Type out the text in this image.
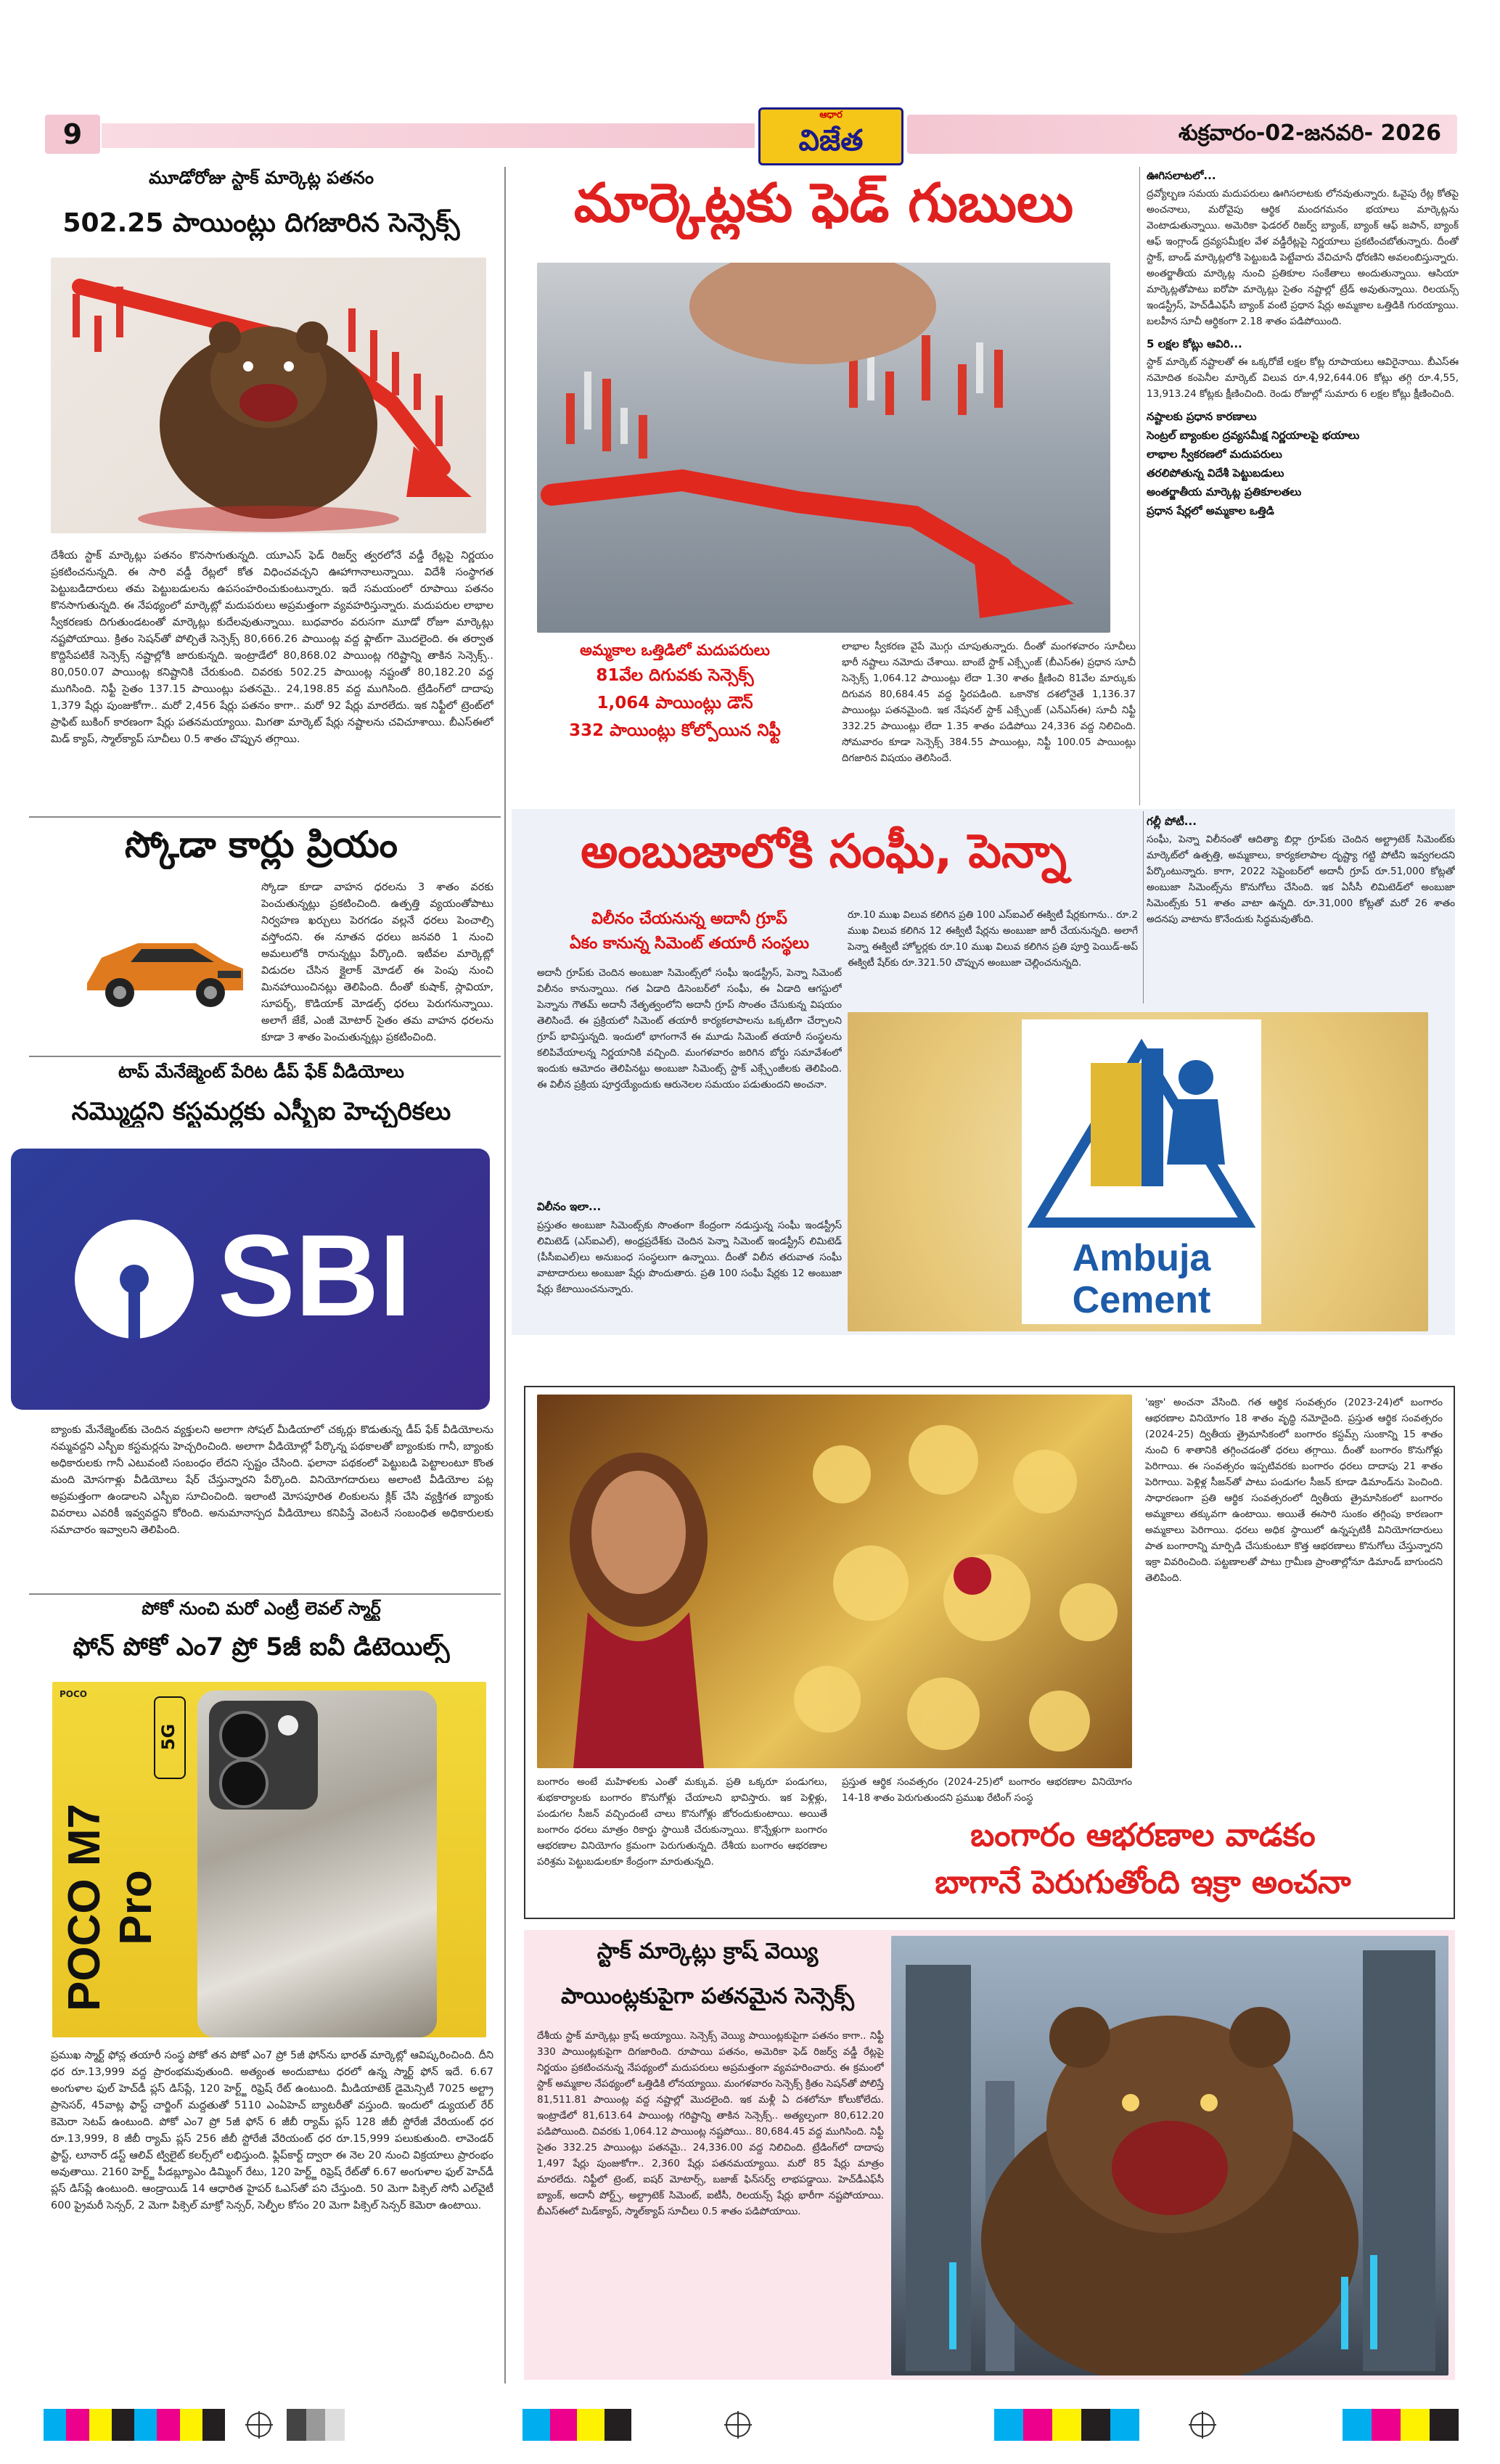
9
ఆధార
విజేత	శుక్రవారం-02-జనవరి- 2026
మూడోరోజు స్టాక్ మార్కెట్ల పతనం
502.25 పాయింట్లు దిగజారిన సెన్సెక్స్
దేశీయ స్టాక్ మార్కెట్లు పతనం కొనసాగుతున్నది. యూఎస్ ఫెడ్ రిజర్వ్ త్వరలోనే వడ్డీ రేట్లపై నిర్ణయం ప్రకటించనున్నది. ఈ సారి వడ్డీ రేట్లలో కోత విధించవచ్చని ఊహాగానాలున్నాయి. విదేశీ సంస్థాగత పెట్టుబడిదారులు తమ పెట్టుబడులను ఉపసంహరించుకుంటున్నారు. ఇదే సమయంలో రూపాయి పతనం కొనసాగుతున్నది. ఈ నేపథ్యంలో మార్కెట్లో మదుపరులు అప్రమత్తంగా వ్యవహరిస్తున్నారు. మదుపరుల లాభాల స్వీకరణకు దిగుతుండటంతో మార్కెట్లు కుదేలవుతున్నాయి. బుధవారం వరుసగా మూడో రోజూ మార్కెట్లు నష్టపోయాయి. క్రితం సెషన్‌తో పోల్చితే సెన్సెక్స్ 80,666.26 పాయింట్ల వద్ద ఫ్లాట్‌గా మొదలైంది. ఈ తర్వాత కొద్దిసేపటికే సెన్సెక్స్ నష్టాల్లోకి జారుకున్నది. ఇంట్రాడేలో 80,868.02 పాయింట్ల గరిష్టాన్ని తాకిన సెన్సెక్స్.. 80,050.07 పాయింట్ల కనిష్టానికి చేరుకుంది. చివరకు 502.25 పాయింట్ల నష్టంతో 80,182.20 వద్ద ముగిసింది. నిఫ్టీ సైతం 137.15 పాయింట్లు పతనమై.. 24,198.85 వద్ద ముగిసింది. ట్రేడింగ్‌లో దాదాపు 1,379 షేర్లు పుంజుకోగా.. మరో 2,456 షేర్లు పతనం కాగా.. మరో 92 షేర్లు మారలేదు. ఇక నిఫ్టీలో ట్రెంట్‌లో ప్రాఫిట్ బుకింగ్ కారణంగా షేర్లు పతనమయ్యాయి. మిగతా మార్కెట్ షేర్లు నష్టాలను చవిచూశాయి. బీఎస్‌ఈలో మిడ్ క్యాప్, స్మాల్‌క్యాప్ సూచీలు 0.5 శాతం చొప్పున తగ్గాయి.
స్కోడా కార్లు ప్రియం
స్కోడా కూడా వాహన ధరలను 3 శాతం వరకు పెంచుతున్నట్లు ప్రకటించింది. ఉత్పత్తి వ్యయంతోపాటు నిర్వహణ ఖర్చులు పెరగడం వల్లనే ధరలు పెంచాల్సి వస్తోందని. ఈ నూతన ధరలు జనవరి 1 నుంచి అమలులోకి రానున్నట్లు పేర్కొంది. ఇటీవల మార్కెట్లో విడుదల చేసిన క్లైలాక్ మోడల్ ఈ పెంపు నుంచి మినహాయించినట్లు తెలిపింది. దీంతో కుషాక్, స్లావియా, సూపర్బ్, కొడియాక్ మోడల్స్ ధరలు పెరుగనున్నాయి. అలాగే జేకే, ఎంజీ మోటార్ సైతం తమ వాహన ధరలను కూడా 3 శాతం పెంచుతున్నట్లు ప్రకటించింది.
టాప్ మేనేజ్మెంట్ పేరిట డీప్ ఫేక్ వీడియోలు
నమ్మొద్దని కస్టమర్లకు ఎస్బీఐ హెచ్చరికలు
SBI
బ్యాంకు మేనేజ్మెంట్‌కు చెందిన వ్యక్తులని అలాగా సోషల్ మీడియాలో చక్కర్లు కొడుతున్న డీప్ ఫేక్ వీడియోలను నమ్మవద్దని ఎస్బీఐ కస్టమర్లను హెచ్చరించింది. అలాగా వీడియోల్లో పేర్కొన్న పథకాలతో బ్యాంకుకు గానీ, బ్యాంకు అధికారులకు గానీ ఎటువంటి సంబంధం లేదని స్పష్టం చేసింది. ఫలానా పథకంలో పెట్టుబడి పెట్టాలంటూ కొంత మంది మోసగాళ్లు వీడియోలు షేర్ చేస్తున్నారని పేర్కొంది. వినియోగదారులు అలాంటి వీడియోల పట్ల అప్రమత్తంగా ఉండాలని ఎస్బీఐ సూచించింది. ఇలాంటి మోసపూరిత లింకులను క్లిక్ చేసి వ్యక్తిగత బ్యాంకు వివరాలు ఎవరికీ ఇవ్వవద్దని కోరింది. అనుమానాస్పద వీడియోలు కనిపిస్తే వెంటనే సంబంధిత అధికారులకు సమాచారం ఇవ్వాలని తెలిపింది.
పోకో నుంచి మరో ఎంట్రీ లెవల్ స్మార్ట్
ఫోన్ పోకో ఎం7 ప్రో 5జీ ఐవీ డిటెయిల్స్
POCO
POCO M7 Pro
5G
ప్రముఖ స్మార్ట్ ఫోన్ల తయారీ సంస్థ పోకో తన పోకో ఎం7 ప్రో 5జీ ఫోన్‌ను భారత్ మార్కెట్లో ఆవిష్కరించింది. దీని ధర రూ.13,999 వద్ద ప్రారంభమవుతుంది. అత్యంత అందుబాటు ధరలో ఉన్న స్మార్ట్ ఫోన్ ఇదే. 6.67 అంగుళాల ఫుల్ హెచ్‌డీ ప్లస్ డిస్‌ప్లే, 120 హెర్ట్జ్ రిఫ్రెష్ రేట్ ఉంటుంది. మీడియాటెక్ డైమెన్సిటీ 7025 అల్ట్రా ప్రాసెసర్, 45వాట్ల ఫాస్ట్ చార్జింగ్ మద్దతుతో 5110 ఎంఏహెచ్ బ్యాటరీతో వస్తుంది. ఇందులో డ్యుయల్ రేర్ కెమెరా సెటప్ ఉంటుంది. పోకో ఎం7 ప్రో 5జీ ఫోన్ 6 జీబీ ర్యామ్ ప్లస్ 128 జీబీ స్టోరేజీ వేరియంట్ ధర రూ.13,999, 8 జీబీ ర్యామ్ ప్లస్ 256 జీబీ స్టోరేజీ వేరియంట్ ధర రూ.15,999 పలుకుతుంది. లావెండర్ ఫ్రాస్ట్, లూనార్ డస్ట్ ఆలివ్ ట్విలైట్ కలర్స్‌లో లభిస్తుంది. ఫ్లిప్‌కార్ట్ ద్వారా ఈ నెల 20 నుంచి విక్రయాలు ప్రారంభం అవుతాయి. 2160 హెర్ట్జ్ పీడబ్ల్యూఎం డిమ్మింగ్ రేటు, 120 హెర్ట్జ్ రిఫ్రెష్ రేట్‌తో 6.67 అంగుళాల ఫుల్ హెచ్‌డీ ప్లస్ డిస్‌ప్లే ఉంటుంది. ఆండ్రాయిడ్ 14 ఆధారిత హైపర్ ఓఎస్‌తో పని చేస్తుంది. 50 మెగా పిక్సెల్ సోనీ ఎల్‌వైటీ 600 ప్రైమరీ సెన్సర్, 2 మెగా పిక్సెల్ మాక్రో సెన్సర్, సెల్ఫీల కోసం 20 మెగా పిక్సెల్ సెన్సర్ కెమెరా ఉంటాయి.
మార్కెట్లకు ఫెడ్ గుబులు
అమ్మకాల ఒత్తిడిలో మదుపరులు
81వేల దిగువకు సెన్సెక్స్
1,064 పాయింట్లు డౌన్
332 పాయింట్లు కోల్పోయిన నిఫ్టీ
లాభాల స్వీకరణ వైపే మొగ్గు చూపుతున్నారు. దీంతో మంగళవారం సూచీలు భారీ నష్టాలు నమోదు చేశాయి. బాంబే స్టాక్ ఎక్స్ఛేంజ్ (బీఎస్ఈ) ప్రధాన సూచీ సెన్సెక్స్ 1,064.12 పాయింట్లు లేదా 1.30 శాతం క్షీణించి 81వేల మార్కుకు దిగువన 80,684.45 వద్ద స్థిరపడింది. ఒకానొక దశలోనైతే 1,136.37 పాయింట్లు పతనమైంది. ఇక నేషనల్ స్టాక్ ఎక్స్ఛేంజ్ (ఎన్ఎస్ఈ) సూచీ నిఫ్టీ 332.25 పాయింట్లు లేదా 1.35 శాతం పడిపోయి 24,336 వద్ద నిలిచింది. సోమవారం కూడా సెన్సెక్స్ 384.55 పాయింట్లు, నిఫ్టీ 100.05 పాయింట్లు దిగజారిన విషయం తెలిసిందే.
ఊగిసలాటలో...
ద్రవ్యోల్బణ సమయ మదుపరులు ఊగిసలాటకు లోనవుతున్నారు. ఓవైపు రేట్ల కోతపై అంచనాలు, మరోవైపు ఆర్థిక మందగమనం భయాలు మార్కెట్లను వెంటాడుతున్నాయి. అమెరికా ఫెడరల్ రిజర్వ్ బ్యాంక్, బ్యాంక్ ఆఫ్ జపాన్, బ్యాంక్ ఆఫ్ ఇంగ్లాండ్ ద్రవ్యసమీక్షల వేళ వడ్డీరేట్లపై నిర్ణయాలు ప్రకటించబోతున్నారు. దీంతో స్టాక్, బాండ్ మార్కెట్లలోకి పెట్టుబడి పెట్టేవారు వేచిచూసే ధోరణిని అవలంబిస్తున్నారు. అంతర్జాతీయ మార్కెట్ల నుంచి ప్రతికూల సంకేతాలు అందుతున్నాయి. ఆసియా మార్కెట్లతోపాటు ఐరోపా మార్కెట్లు సైతం నష్టాల్లో ట్రేడ్ అవుతున్నాయి. రిలయన్స్ ఇండస్ట్రీస్, హెచ్‌డీఎఫ్‌సీ బ్యాంక్ వంటి ప్రధాన షేర్లు అమ్మకాల ఒత్తిడికి గురయ్యాయి. బలహీన సూచీ ఆర్థికంగా 2.18 శాతం పడిపోయింది.
5 లక్షల కోట్లు ఆవిరి...
స్టాక్ మార్కెట్ నష్టాలతో ఈ ఒక్కరోజే లక్షల కోట్ల రూపాయలు ఆవిరైనాయి. బీఎస్ఈ నమోదిత కంపెనీల మార్కెట్ విలువ రూ.4,92,644.06 కోట్లు తగ్గి రూ.4,55, 13,913.24 కోట్లకు క్షీణించింది. రెండు రోజుల్లో సుమారు 6 లక్షల కోట్లు క్షీణించింది.
నష్టాలకు ప్రధాన కారణాలు
సెంట్రల్ బ్యాంకుల ద్రవ్యసమీక్ష నిర్ణయాలపై భయాలు
లాభాల స్వీకరణలో మదుపరులు
తరలిపోతున్న విదేశీ పెట్టుబడులు
అంతర్జాతీయ మార్కెట్ల ప్రతికూలతలు
ప్రధాన షేర్లలో అమ్మకాల ఒత్తిడి
అంబుజాలోకి సంఘీ, పెన్నా
విలీనం చేయనున్న అదానీ గ్రూప్
ఏకం కానున్న సిమెంట్ తయారీ సంస్థలు
అదానీ గ్రూప్‌కు చెందిన అంబుజా సిమెంట్స్‌లో సంఘీ ఇండస్ట్రీస్, పెన్నా సిమెంట్ విలీనం కానున్నాయి. గత ఏడాది డిసెంబర్‌లో సంఘీ, ఈ ఏడాది ఆగస్టులో పెన్నాను గౌతమ్ అదానీ నేతృత్వంలోని అదానీ గ్రూప్ సొంతం చేసుకున్న విషయం తెలిసిందే. ఈ ప్రక్రియలో సిమెంట్ తయారీ కార్యకలాపాలను ఒక్కటిగా చేర్చాలని గ్రూప్ భావిస్తున్నది. ఇందులో భాగంగానే ఈ మూడు సిమెంట్ తయారీ సంస్థలను కలిపివేయాలన్న నిర్ణయానికి వచ్చింది. మంగళవారం జరిగిన బోర్డు సమావేశంలో ఇందుకు ఆమోదం తెలిపినట్టు అంబుజా సిమెంట్స్ స్టాక్ ఎక్స్ఛేంజీలకు తెలిపింది. ఈ విలీన ప్రక్రియ పూర్తయ్యేందుకు ఆరునెలల సమయం పడుతుందని అంచనా.
విలీనం ఇలా...
ప్రస్తుతం అంబుజా సిమెంట్స్‌కు సొంతంగా కేంద్రంగా నడుస్తున్న సంఘీ ఇండస్ట్రీస్ లిమిటెడ్ (ఎస్ఐఎల్), అంధ్రప్రదేశ్‌కు చెందిన పెన్నా సిమెంట్ ఇండస్ట్రీస్ లిమిటెడ్ (పీసీఐఎల్)లు అనుబంధ సంస్థలుగా ఉన్నాయి. దీంతో విలీన తరువాత సంఘీ వాటాదారులు అంబుజా షేర్లు పొందుతారు. ప్రతి 100 సంఘీ షేర్లకు 12 అంబుజా షేర్లు కేటాయించనున్నారు.
రూ.10 ముఖ విలువ కలిగిన ప్రతి 100 ఎస్ఐఎల్ ఈక్విటీ షేర్లకుగాను.. రూ.2 ముఖ విలువ కలిగిన 12 ఈక్విటీ షేర్లను అంబుజా జారీ చేయనున్నది. అలాగే పెన్నా ఈక్విటీ హోల్డర్లకు రూ.10 ముఖ విలువ కలిగిన ప్రతి పూర్తి పెయిడ్-అప్ ఈక్విటీ షేర్‌కు రూ.321.50 చొప్పున అంబుజా చెల్లించనున్నది.
Ambuja
Cement
గల్లీ పోటీ...
సంఘీ, పెన్నా విలీనంతో ఆదిత్యా బిర్లా గ్రూప్‌కు చెందిన అల్ట్రాటెక్ సిమెంట్‌కు మార్కెట్‌లో ఉత్పత్తి, అమ్మకాలు, కార్యకలాపాల దృష్ట్యా గట్టి పోటీని ఇవ్వగలదని పేర్కొంటున్నారు. కాగా, 2022 సెప్టెంబర్‌లో అదానీ గ్రూప్ రూ.51,000 కోట్లతో అంబుజా సిమెంట్స్‌ను కొనుగోలు చేసింది. ఇక ఏసీసీ లిమిటెడ్‌లో అంబుజా సిమెంట్స్‌కు 51 శాతం వాటా ఉన్నది. రూ.31,000 కోట్లతో మరో 26 శాతం అదనపు వాటాను కొనేందుకు సిద్ధమవుతోంది.
బంగారం అంటే మహిళలకు ఎంతో మక్కువ. ప్రతి ఒక్కరూ పండుగలు, శుభకార్యాలకు బంగారం కొనుగోళ్లు చేయాలని భావిస్తారు. ఇక పెళ్లిళ్లు, పండుగల సీజన్ వచ్చిందంటే చాలు కొనుగోళ్లు జోరందుకుంటాయి. అయితే బంగారం ధరలు మాత్రం రికార్డు స్థాయికి చేరుకున్నాయి. కొన్నేళ్లుగా బంగారం ఆభరణాల వినియోగం క్రమంగా పెరుగుతున్నది. దేశీయ బంగారం ఆభరణాల పరిశ్రమ పెట్టుబడులకూ కేంద్రంగా మారుతున్నది.
ప్రస్తుత ఆర్థిక సంవత్సరం (2024-25)లో బంగారం ఆభరణాల వినియోగం 14-18 శాతం పెరుగుతుందని ప్రముఖ రేటింగ్ సంస్థ
'ఇక్రా' అంచనా వేసింది. గత ఆర్థిక సంవత్సరం (2023-24)లో బంగారం ఆభరణాల వినియోగం 18 శాతం వృద్ధి నమోదైంది. ప్రస్తుత ఆర్థిక సంవత్సరం (2024-25) ద్వితీయ త్రైమాసికంలో బంగారం కస్టమ్స్ సుంకాన్ని 15 శాతం నుంచి 6 శాతానికి తగ్గించడంతో ధరలు తగ్గాయి. దీంతో బంగారం కొనుగోళ్లు పెరిగాయి. ఈ సంవత్సరం ఇప్పటివరకు బంగారం ధరలు దాదాపు 21 శాతం పెరిగాయి. పెళ్లిళ్ల సీజన్‌తో పాటు పండుగల సీజన్ కూడా డిమాండ్‌ను పెంచింది. సాధారణంగా ప్రతి ఆర్థిక సంవత్సరంలో ద్వితీయ త్రైమాసికంలో బంగారం అమ్మకాలు తక్కువగా ఉంటాయి. అయితే ఈసారి సుంకం తగ్గింపు కారణంగా అమ్మకాలు పెరిగాయి. ధరలు అధిక స్థాయిలో ఉన్నప్పటికీ వినియోగదారులు పాత బంగారాన్ని మార్పిడి చేసుకుంటూ కొత్త ఆభరణాలు కొనుగోలు చేస్తున్నారని ఇక్రా వివరించింది. పట్టణాలతో పాటు గ్రామీణ ప్రాంతాల్లోనూ డిమాండ్ బాగుందని తెలిపింది.
బంగారం ఆభరణాల వాడకం
బాగానే పెరుగుతోంది ఇక్రా అంచనా
స్టాక్ మార్కెట్లు క్రాష్ వెయ్యి
పాయింట్లకుపైగా పతనమైన సెన్సెక్స్
దేశీయ స్టాక్ మార్కెట్లు క్రాష్ అయ్యాయి. సెన్సెక్స్ వెయ్యి పాయింట్లకుపైగా పతనం కాగా.. నిఫ్టీ 330 పాయింట్లకుపైగా దిగజారింది. రూపాయి పతనం, అమెరికా ఫెడ్ రిజర్వ్ వడ్డీ రేట్లపై నిర్ణయం ప్రకటించనున్న నేపథ్యంలో మదుపరులు అప్రమత్తంగా వ్యవహరించారు. ఈ క్రమంలో స్టాక్ అమ్మకాల నేపథ్యంలో ఒత్తిడికి లోనయ్యాయి. మంగళవారం సెన్సెక్స్ క్రితం సెషన్‌తో పోలిస్తే 81,511.81 పాయింట్ల వద్ద నష్టాల్లో మొదలైంది. ఇక మళ్లీ ఏ దశలోనూ కోలుకోలేదు. ఇంట్రాడేలో 81,613.64 పాయింట్ల గరిష్టాన్ని తాకిన సెన్సెక్స్.. అత్యల్పంగా 80,612.20 పడిపోయింది. చివరకు 1,064.12 పాయింట్ల నష్టపోయి.. 80,684.45 వద్ద ముగిసింది. నిఫ్టీ సైతం 332.25 పాయింట్లు పతనమై.. 24,336.00 వద్ద నిలిచింది. ట్రేడింగ్‌లో దాదాపు 1,497 షేర్లు పుంజుకోగా.. 2,360 షేర్లు పతనమయ్యాయి. మరో 85 షేర్లు మాత్రం మారలేదు. నిఫ్టీలో ట్రెంట్, ఐషర్ మోటార్స్, బజాజ్ ఫిన్‌సర్వ్ లాభపడ్డాయి. హెచ్‌డీఎఫ్‌సీ బ్యాంక్, అదానీ పోర్ట్స్, అల్ట్రాటెక్ సిమెంట్, ఐటీసీ, రిలయన్స్ షేర్లు భారీగా నష్టపోయాయి. బీఎస్‌ఈలో మిడ్‌క్యాప్, స్మాల్‌క్యాప్ సూచీలు 0.5 శాతం పడిపోయాయి.
